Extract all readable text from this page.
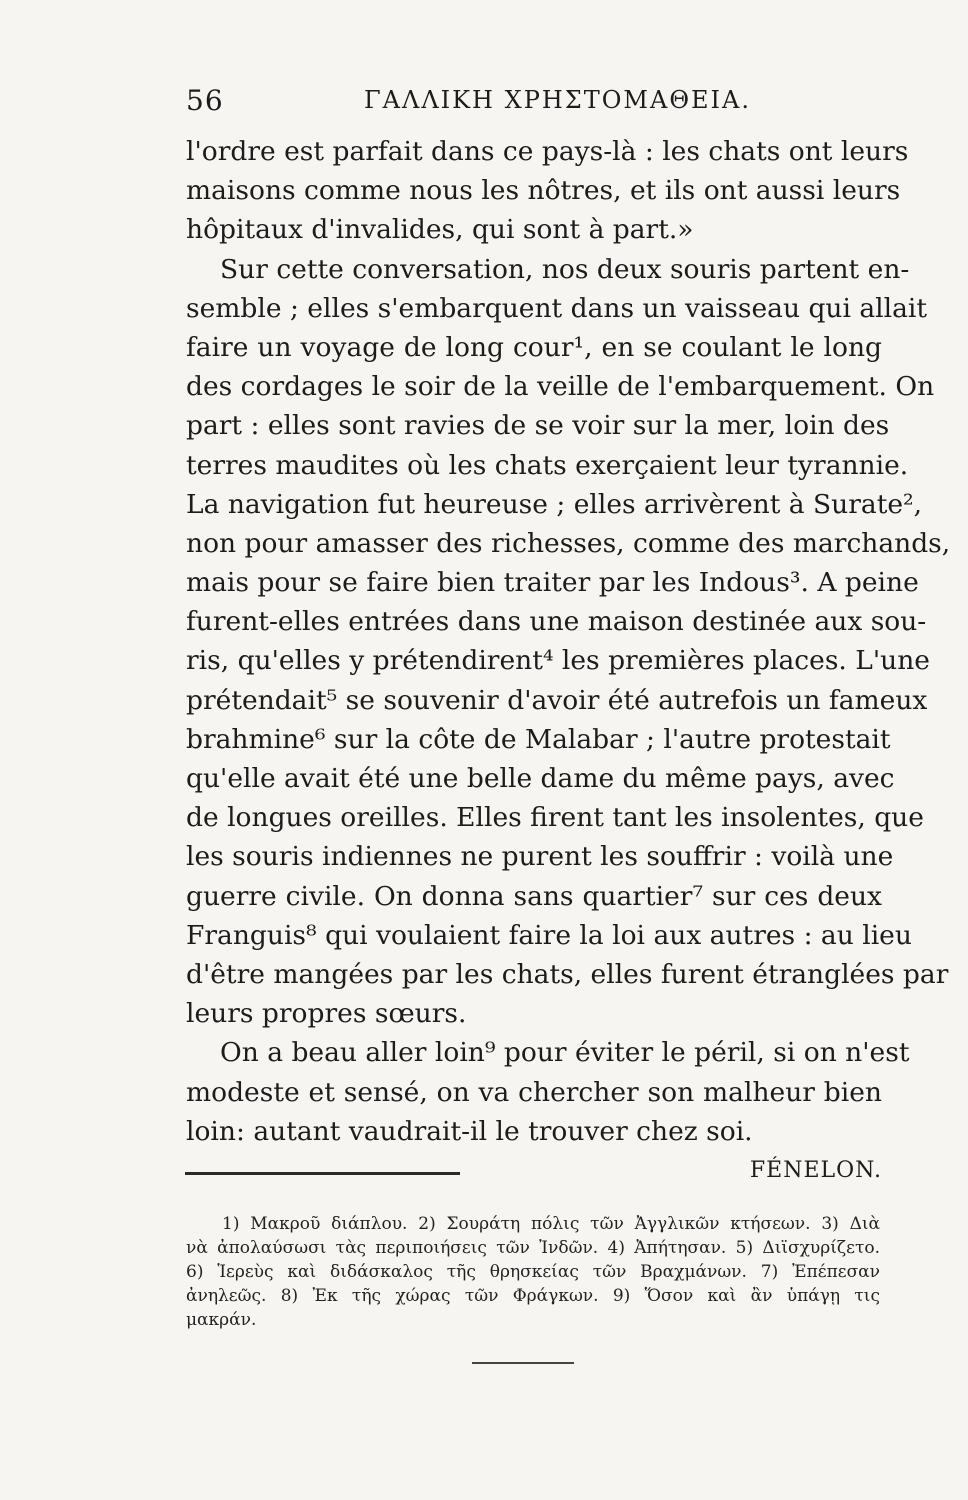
56	ΓΑΛΛΙΚΗ ΧΡΗΣΤΟΜΑΘΕΙΑ.
l'ordre est parfait dans ce pays-là : les chats ont leurs
maisons comme nous les nôtres, et ils ont aussi leurs
hôpitaux d'invalides, qui sont à part.»
Sur cette conversation, nos deux souris partent en-
semble ; elles s'embarquent dans un vaisseau qui allait
faire un voyage de long cour¹, en se coulant le long
des cordages le soir de la veille de l'embarquement. On
part : elles sont ravies de se voir sur la mer, loin des
terres maudites où les chats exerçaient leur tyrannie.
La navigation fut heureuse ; elles arrivèrent à Surate²,
non pour amasser des richesses, comme des marchands,
mais pour se faire bien traiter par les Indous³. A peine
furent-elles entrées dans une maison destinée aux sou-
ris, qu'elles y prétendirent⁴ les premières places. L'une
prétendait⁵ se souvenir d'avoir été autrefois un fameux
brahmine⁶ sur la côte de Malabar ; l'autre protestait
qu'elle avait été une belle dame du même pays, avec
de longues oreilles. Elles firent tant les insolentes, que
les souris indiennes ne purent les souffrir : voilà une
guerre civile. On donna sans quartier⁷ sur ces deux
Franguis⁸ qui voulaient faire la loi aux autres : au lieu
d'être mangées par les chats, elles furent étranglées par
leurs propres sœurs.
On a beau aller loin⁹ pour éviter le péril, si on n'est
modeste et sensé, on va chercher son malheur bien
loin: autant vaudrait-il le trouver chez soi.
FÉNELON.
1) Μακροῦ διάπλου. 2) Σουράτη πόλις τῶν Ἀγγλικῶν κτήσεων. 3) Διὰ
νὰ ἀπολαύσωσι τὰς περιποιήσεις τῶν Ἰνδῶν. 4) Ἀπήτησαν. 5) Διϊσχυρίζετο.
6) Ἱερεὺς καὶ διδάσκαλος τῆς θρησκείας τῶν Βραχμάνων. 7) Ἐπέπεσαν
ἀνηλεῶς. 8) Ἐκ τῆς χώρας τῶν Φράγκων. 9) Ὅσον καὶ ἂν ὑπάγῃ τις
μακράν.
